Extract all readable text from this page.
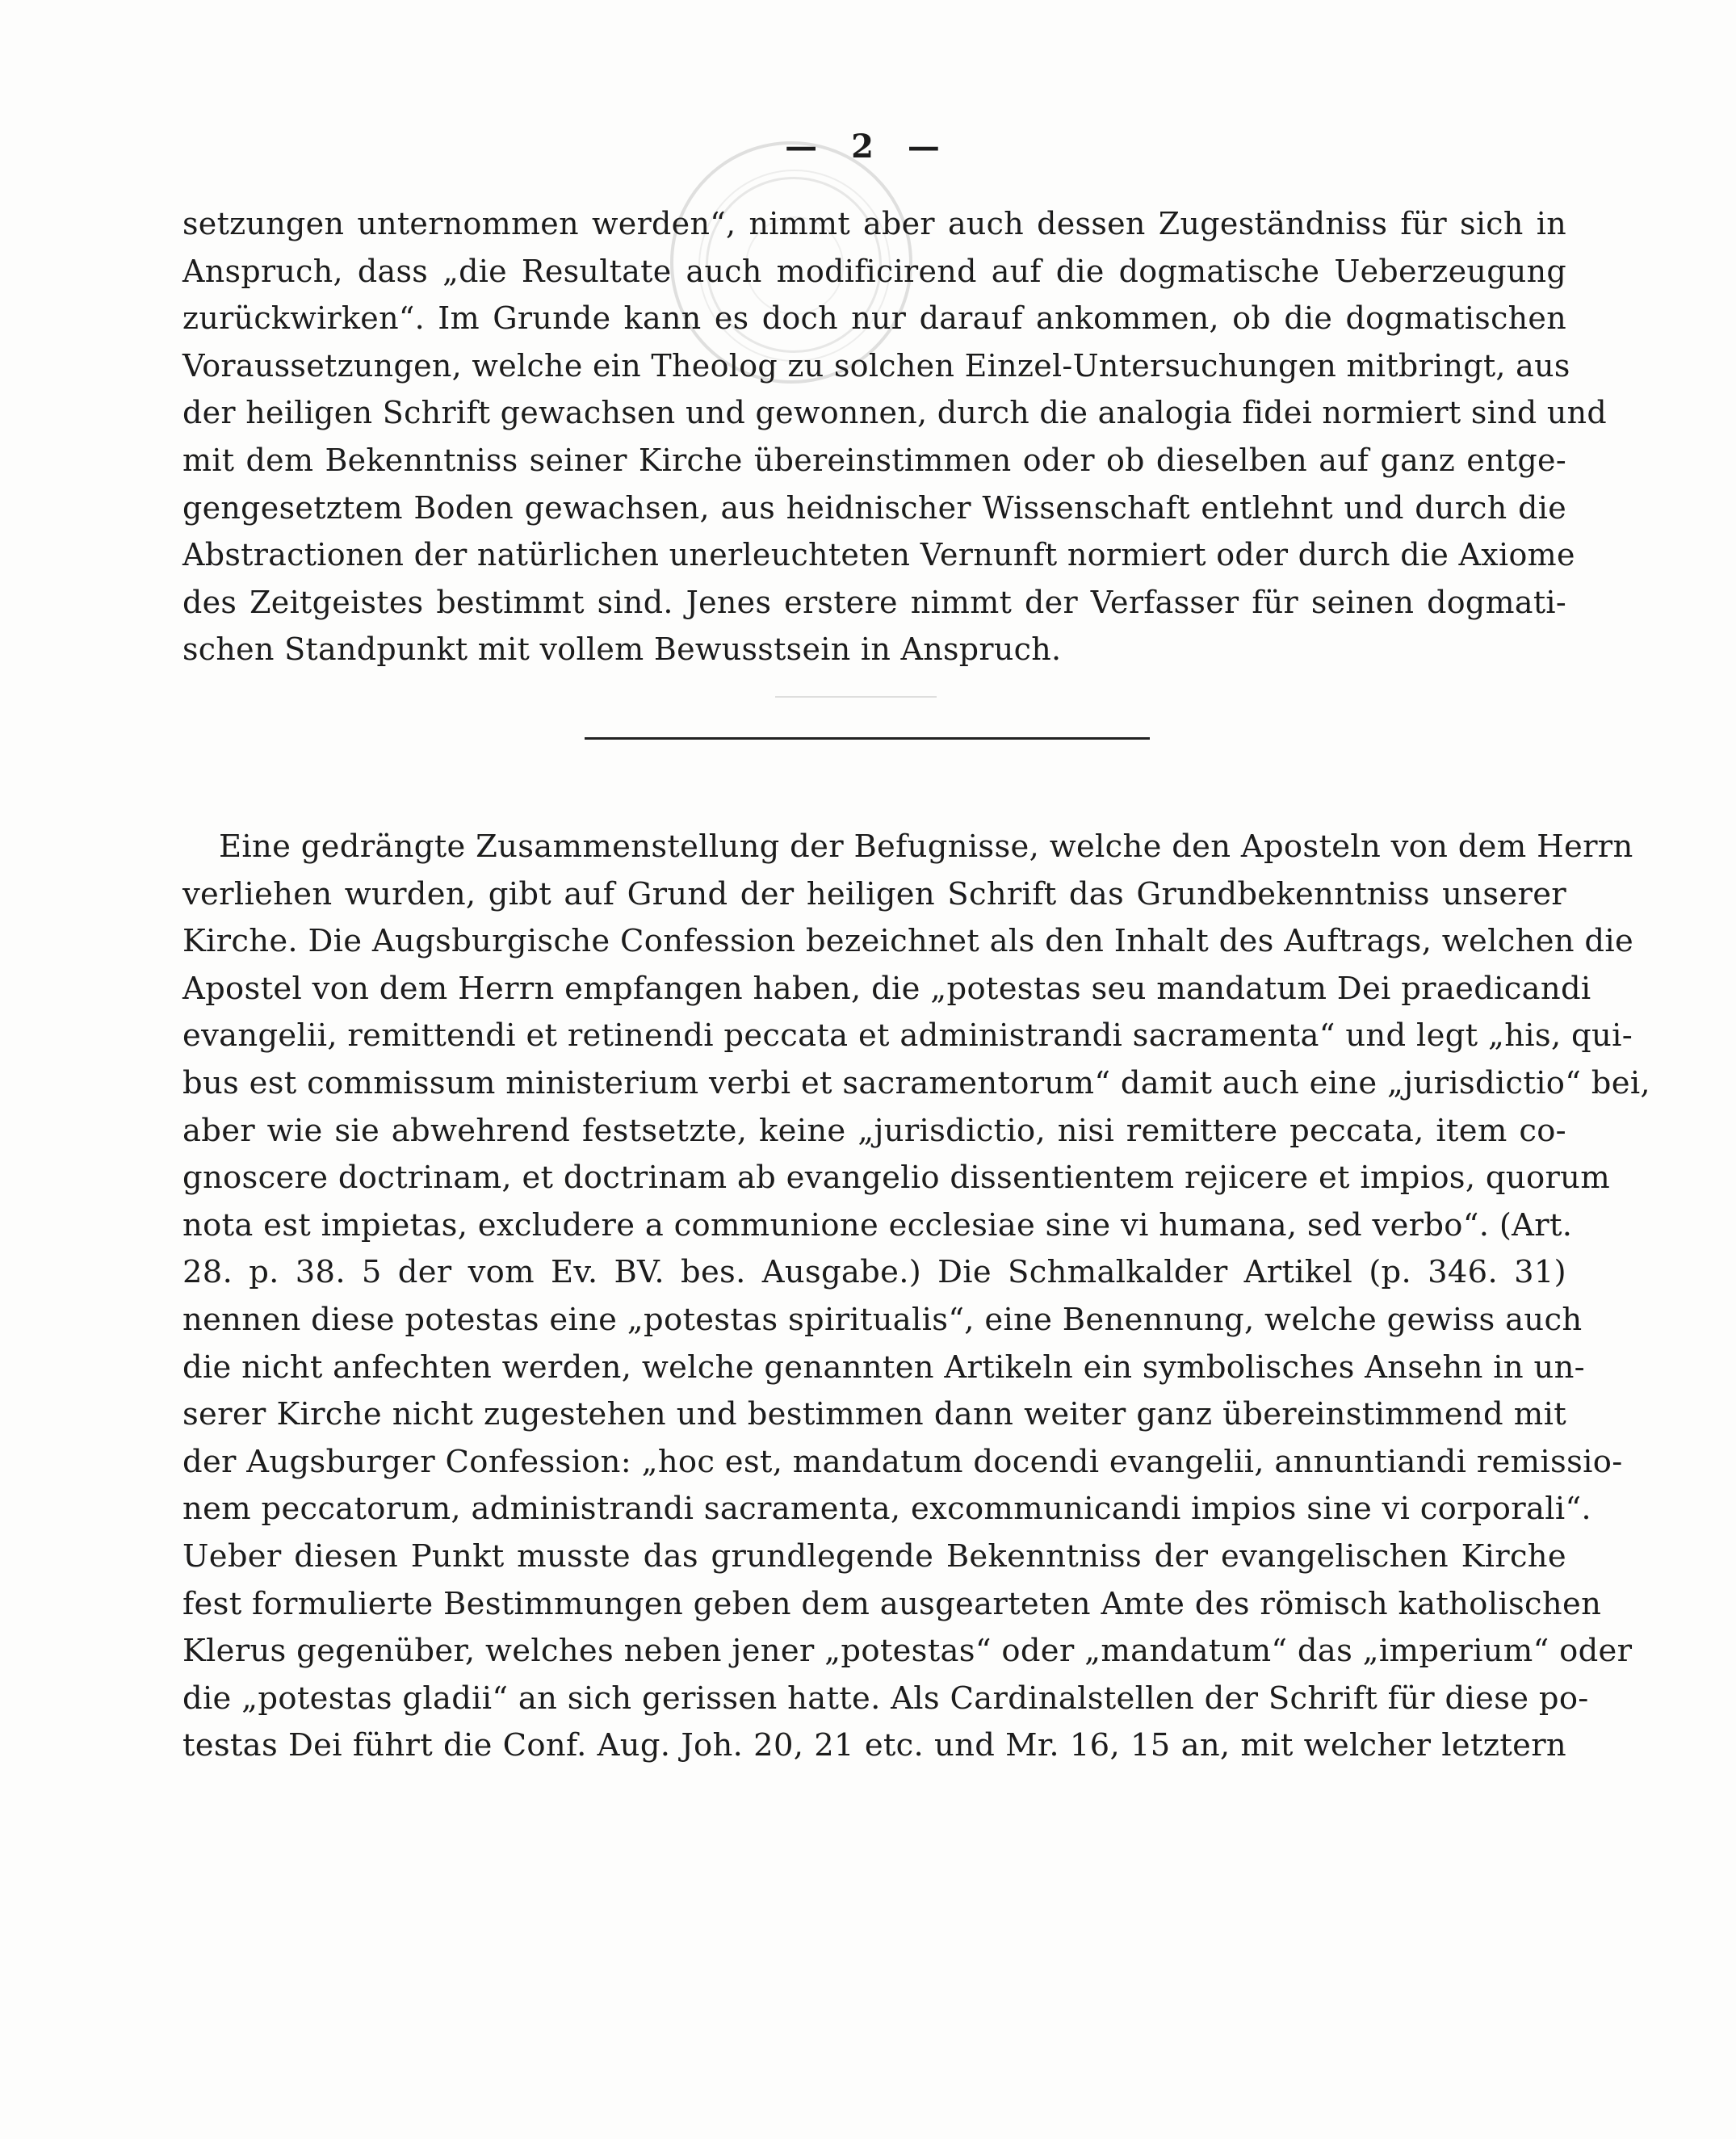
— 2 —
setzungen unternommen werden“, nimmt aber auch dessen Zugeständniss für sich in
Anspruch, dass „die Resultate auch modificirend auf die dogmatische Ueberzeugung
zurückwirken“. Im Grunde kann es doch nur darauf ankommen, ob die dogmatischen
Voraussetzungen, welche ein Theolog zu solchen Einzel-Untersuchungen mitbringt, aus
der heiligen Schrift gewachsen und gewonnen, durch die analogia fidei normiert sind und
mit dem Bekenntniss seiner Kirche übereinstimmen oder ob dieselben auf ganz entge-
gengesetztem Boden gewachsen, aus heidnischer Wissenschaft entlehnt und durch die
Abstractionen der natürlichen unerleuchteten Vernunft normiert oder durch die Axiome
des Zeitgeistes bestimmt sind. Jenes erstere nimmt der Verfasser für seinen dogmati-
schen Standpunkt mit vollem Bewusstsein in Anspruch.
Eine gedrängte Zusammenstellung der Befugnisse, welche den Aposteln von dem Herrn
verliehen wurden, gibt auf Grund der heiligen Schrift das Grundbekenntniss unserer
Kirche. Die Augsburgische Confession bezeichnet als den Inhalt des Auftrags, welchen die
Apostel von dem Herrn empfangen haben, die „potestas seu mandatum Dei praedicandi
evangelii, remittendi et retinendi peccata et administrandi sacramenta“ und legt „his, qui-
bus est commissum ministerium verbi et sacramentorum“ damit auch eine „jurisdictio“ bei,
aber wie sie abwehrend festsetzte, keine „jurisdictio, nisi remittere peccata, item co-
gnoscere doctrinam, et doctrinam ab evangelio dissentientem rejicere et impios, quorum
nota est impietas, excludere a communione ecclesiae sine vi humana, sed verbo“. (Art.
28. p. 38. 5 der vom Ev. BV. bes. Ausgabe.) Die Schmalkalder Artikel (p. 346. 31)
nennen diese potestas eine „potestas spiritualis“, eine Benennung, welche gewiss auch
die nicht anfechten werden, welche genannten Artikeln ein symbolisches Ansehn in un-
serer Kirche nicht zugestehen und bestimmen dann weiter ganz übereinstimmend mit
der Augsburger Confession: „hoc est, mandatum docendi evangelii, annuntiandi remissio-
nem peccatorum, administrandi sacramenta, excommunicandi impios sine vi corporali“.
Ueber diesen Punkt musste das grundlegende Bekenntniss der evangelischen Kirche
fest formulierte Bestimmungen geben dem ausgearteten Amte des römisch katholischen
Klerus gegenüber, welches neben jener „potestas“ oder „mandatum“ das „imperium“ oder
die „potestas gladii“ an sich gerissen hatte. Als Cardinalstellen der Schrift für diese po-
testas Dei führt die Conf. Aug. Joh. 20, 21 etc. und Mr. 16, 15 an, mit welcher letztern
